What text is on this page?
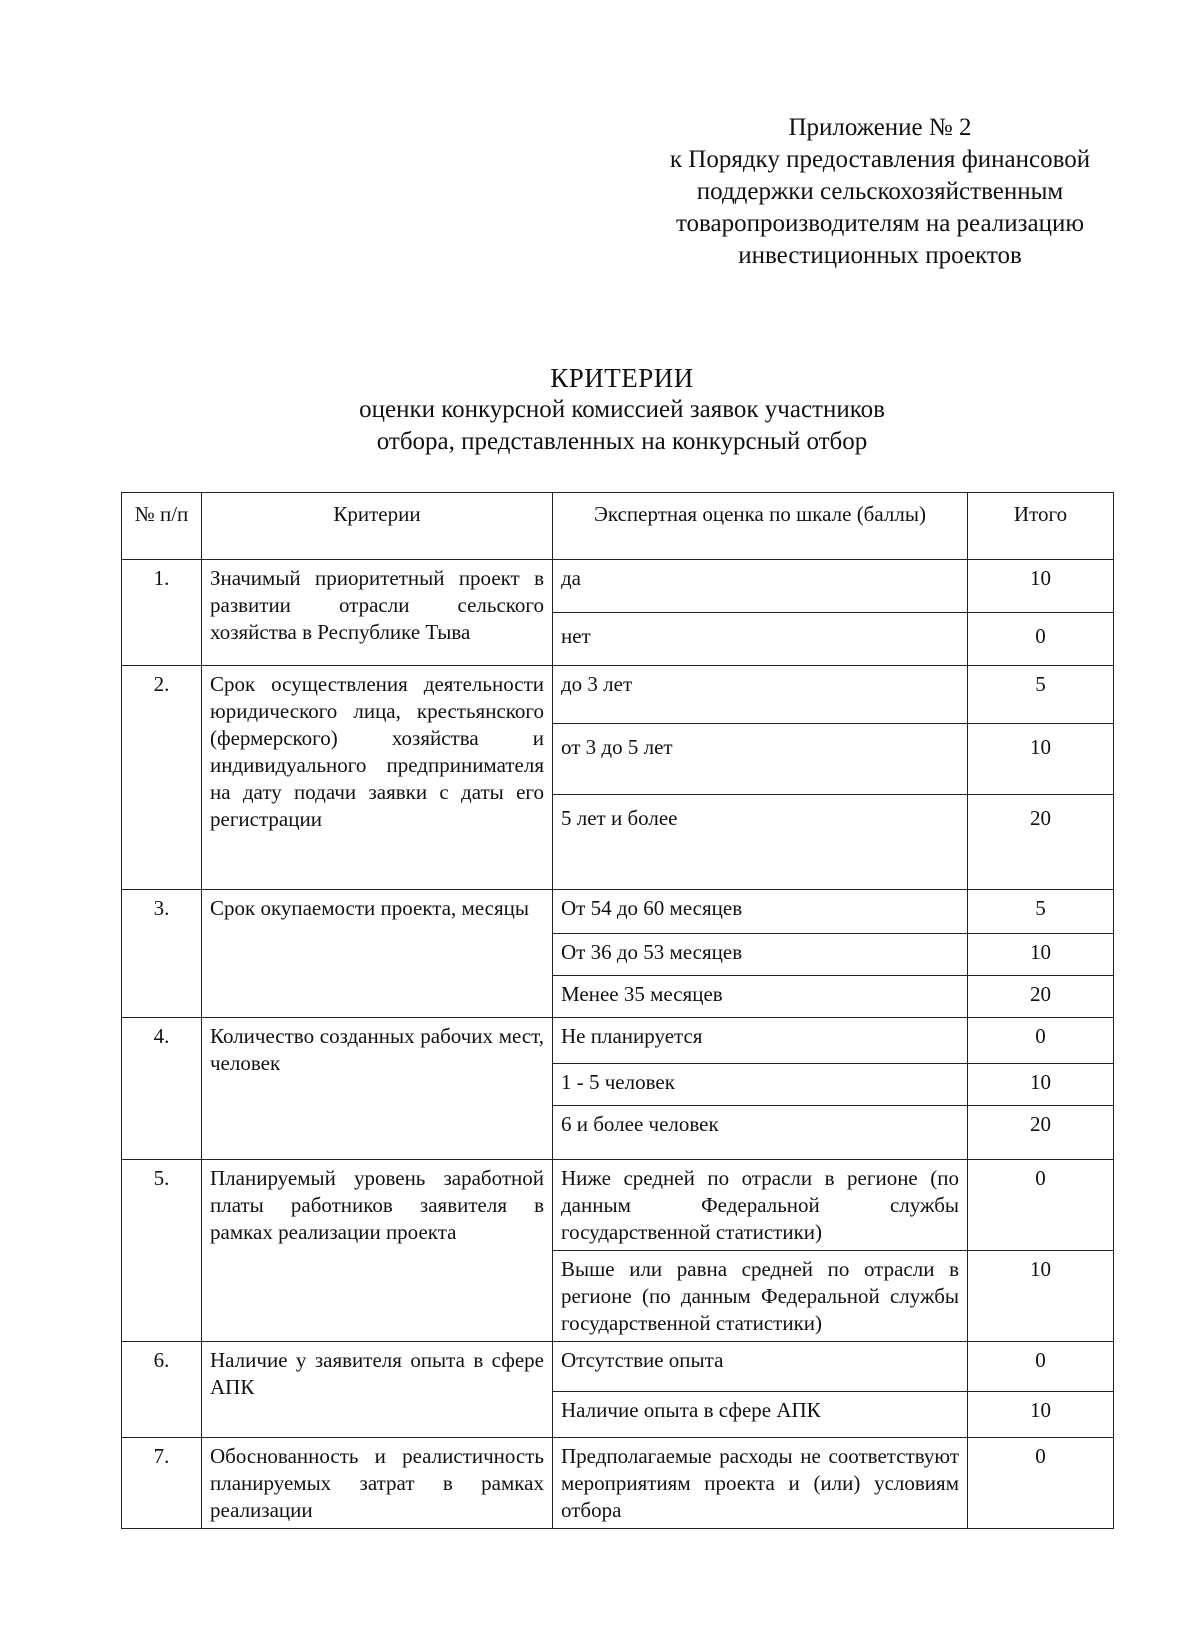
Приложение № 2
к Порядку предоставления финансовой
поддержки сельскохозяйственным
товаропроизводителям на реализацию
инвестиционных проектов
КРИТЕРИИ
оценки конкурсной комиссией заявок участников
отбора, представленных на конкурсный отбор
№ п/п	Критерии	Экспертная оценка по шкале (баллы)	Итого
1.	Значимый приоритетный проект в развитии отрасли сельского хозяйства в Республике Тыва	да	10
		нет	0
2.	Срок осуществления деятельности юридического лица, крестьянского (фермерского) хозяйства и индивидуального предпринимателя на дату подачи заявки с даты его регистрации	до 3 лет	5
		от 3 до 5 лет	10
		5 лет и более	20
3.	Срок окупаемости проекта, месяцы	От 54 до 60 месяцев	5
		От 36 до 53 месяцев	10
		Менее 35 месяцев	20
4.	Количество созданных рабочих мест, человек	Не планируется	0
		1 - 5 человек	10
		6 и более человек	20
5.	Планируемый уровень заработной платы работников заявителя в рамках реализации проекта	Ниже средней по отрасли в регионе (по данным Федеральной службы государственной статистики)	0
		Выше или равна средней по отрасли в регионе (по данным Федеральной службы государственной статистики)	10
6.	Наличие у заявителя опыта в сфере АПК	Отсутствие опыта	0
		Наличие опыта в сфере АПК	10
7.	Обоснованность и реалистичность планируемых затрат в рамках реализации	Предполагаемые расходы не соответствуют мероприятиям проекта и (или) условиям отбора	0
